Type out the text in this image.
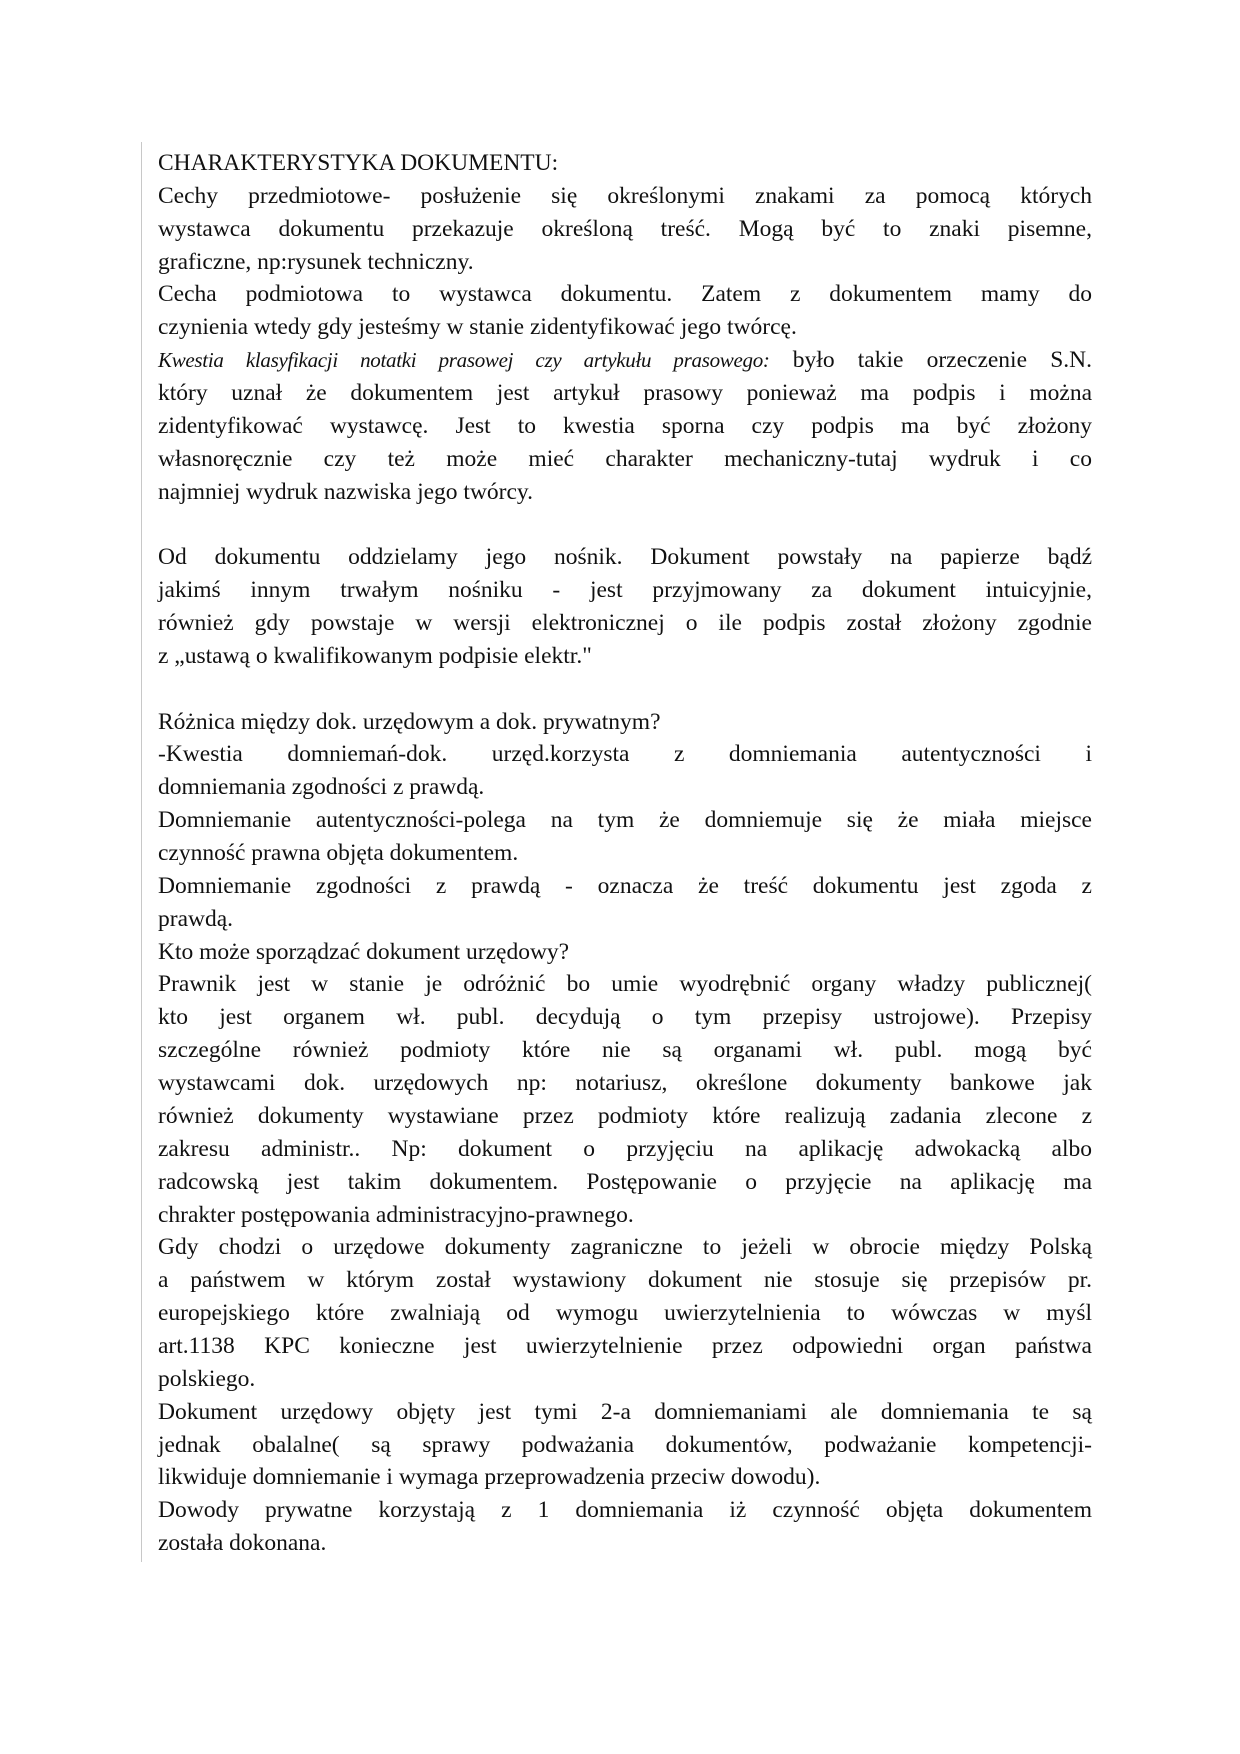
CHARAKTERYSTYKA DOKUMENTU:
Cechy przedmiotowe- posłużenie się określonymi znakami za pomocą których
wystawca dokumentu przekazuje określoną treść. Mogą być to znaki pisemne,
graficzne, np:rysunek techniczny.
Cecha podmiotowa to wystawca dokumentu. Zatem z dokumentem mamy do
czynienia wtedy gdy jesteśmy w stanie zidentyfikować jego twórcę.
Kwestia klasyfikacji notatki prasowej czy artykułu prasowego: było takie orzeczenie S.N.
który uznał że dokumentem jest artykuł prasowy ponieważ ma podpis i można
zidentyfikować wystawcę. Jest to kwestia sporna czy podpis ma być złożony
własnoręcznie czy też może mieć charakter mechaniczny-tutaj wydruk i co
najmniej wydruk nazwiska jego twórcy.
Od dokumentu oddzielamy jego nośnik. Dokument powstały na papierze bądź
jakimś innym trwałym nośniku - jest przyjmowany za dokument intuicyjnie,
również gdy powstaje w wersji elektronicznej o ile podpis został złożony zgodnie
z „ustawą o kwalifikowanym podpisie elektr."
Różnica między dok. urzędowym a dok. prywatnym?
-Kwestia domniemań-dok. urzęd.korzysta z domniemania autentyczności i
domniemania zgodności z prawdą.
Domniemanie autentyczności-polega na tym że domniemuje się że miała miejsce
czynność prawna objęta dokumentem.
Domniemanie zgodności z prawdą - oznacza że treść dokumentu jest zgoda z
prawdą.
Kto może sporządzać dokument urzędowy?
Prawnik jest w stanie je odróżnić bo umie wyodrębnić organy władzy publicznej(
kto jest organem wł. publ. decydują o tym przepisy ustrojowe). Przepisy
szczególne również podmioty które nie są organami wł. publ. mogą być
wystawcami dok. urzędowych np: notariusz, określone dokumenty bankowe jak
również dokumenty wystawiane przez podmioty które realizują zadania zlecone z
zakresu administr.. Np: dokument o przyjęciu na aplikację adwokacką albo
radcowską jest takim dokumentem. Postępowanie o przyjęcie na aplikację ma
chrakter postępowania administracyjno-prawnego.
Gdy chodzi o urzędowe dokumenty zagraniczne to jeżeli w obrocie między Polską
a państwem w którym został wystawiony dokument nie stosuje się przepisów pr.
europejskiego które zwalniają od wymogu uwierzytelnienia to wówczas w myśl
art.1138 KPC konieczne jest uwierzytelnienie przez odpowiedni organ państwa
polskiego.
Dokument urzędowy objęty jest tymi 2-a domniemaniami ale domniemania te są
jednak obalalne( są sprawy podważania dokumentów, podważanie kompetencji-
likwiduje domniemanie i wymaga przeprowadzenia przeciw dowodu).
Dowody prywatne korzystają z 1 domniemania iż czynność objęta dokumentem
została dokonana.
